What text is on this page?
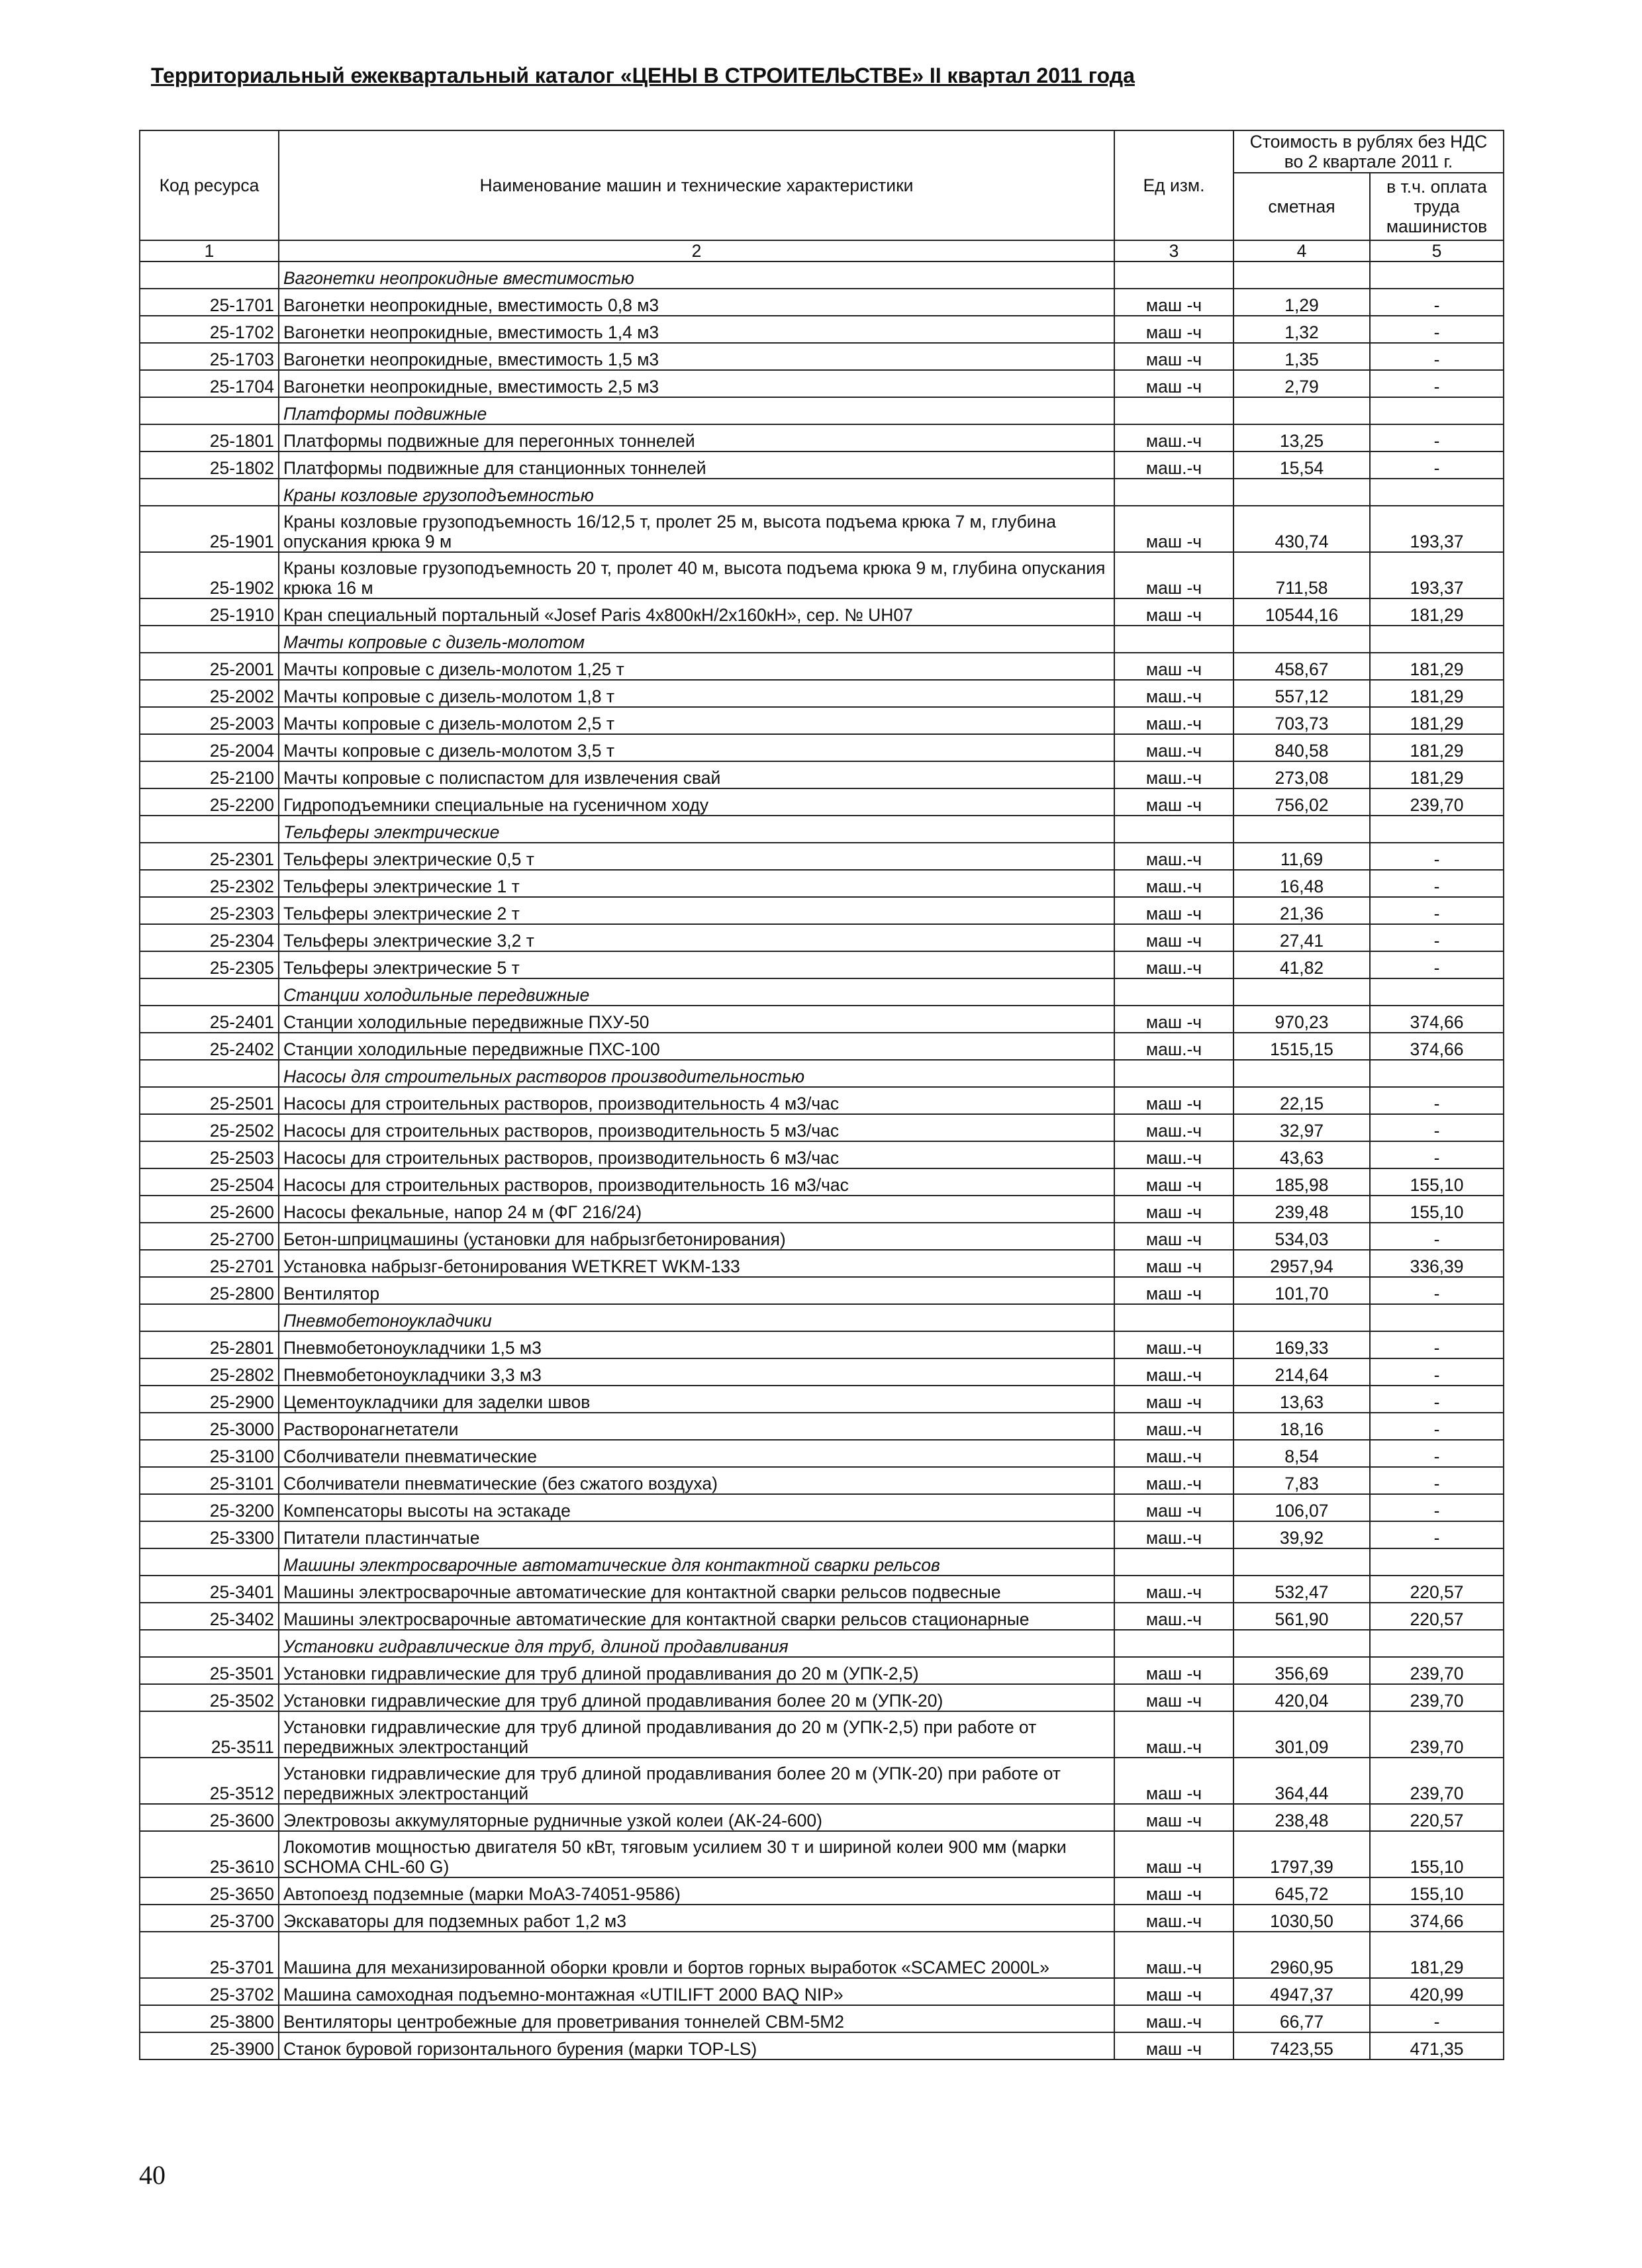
Территориальный ежеквартальный каталог «ЦЕНЫ В СТРОИТЕЛЬСТВЕ» II квартал 2011 года
Код ресурса	Наименование машин и технические характеристики	Ед изм.	Стоимость в рублях без НДС во 2 квартале 2011 г.	
			сметная	в т.ч. оплата труда машинистов
1	2	3	4	5
	Вагонетки неопрокидные вместимостью			
25-1701	Вагонетки неопрокидные, вместимость 0,8 м3	маш -ч	1,29	-
25-1702	Вагонетки неопрокидные, вместимость 1,4 м3	маш -ч	1,32	-
25-1703	Вагонетки неопрокидные, вместимость 1,5 м3	маш -ч	1,35	-
25-1704	Вагонетки неопрокидные, вместимость 2,5 м3	маш -ч	2,79	-
	Платформы подвижные			
25-1801	Платформы подвижные для перегонных тоннелей	маш.-ч	13,25	-
25-1802	Платформы подвижные для станционных тоннелей	маш.-ч	15,54	-
	Краны козловые грузоподъемностью			
25-1901	Краны козловые грузоподъемность 16/12,5 т, пролет 25 м, высота подъема крюка 7 м, глубина опускания крюка 9 м	маш -ч	430,74	193,37
25-1902	Краны козловые грузоподъемность 20 т, пролет 40 м, высота подъема крюка 9 м, глубина опускания крюка 16 м	маш -ч	711,58	193,37
25-1910	Кран специальный портальный «Josef Paris 4x800кН/2x160кН», сер. № UH07	маш -ч	10544,16	181,29
	Мачты копровые с дизель-молотом			
25-2001	Мачты копровые с дизель-молотом 1,25 т	маш -ч	458,67	181,29
25-2002	Мачты копровые с дизель-молотом 1,8 т	маш.-ч	557,12	181,29
25-2003	Мачты копровые с дизель-молотом 2,5 т	маш.-ч	703,73	181,29
25-2004	Мачты копровые с дизель-молотом 3,5 т	маш.-ч	840,58	181,29
25-2100	Мачты копровые с полиспастом для извлечения свай	маш.-ч	273,08	181,29
25-2200	Гидроподъемники специальные на гусеничном ходу	маш -ч	756,02	239,70
	Тельферы электрические			
25-2301	Тельферы электрические 0,5 т	маш.-ч	11,69	-
25-2302	Тельферы электрические 1 т	маш.-ч	16,48	-
25-2303	Тельферы электрические 2 т	маш -ч	21,36	-
25-2304	Тельферы электрические 3,2 т	маш -ч	27,41	-
25-2305	Тельферы электрические 5 т	маш.-ч	41,82	-
	Станции холодильные передвижные			
25-2401	Станции холодильные передвижные ПХУ-50	маш -ч	970,23	374,66
25-2402	Станции холодильные передвижные ПХС-100	маш.-ч	1515,15	374,66
	Насосы для строительных растворов производительностью			
25-2501	Насосы для строительных растворов, производительность 4 м3/час	маш -ч	22,15	-
25-2502	Насосы для строительных растворов, производительность 5 м3/час	маш.-ч	32,97	-
25-2503	Насосы для строительных растворов, производительность 6 м3/час	маш.-ч	43,63	-
25-2504	Насосы для строительных растворов, производительность 16 м3/час	маш -ч	185,98	155,10
25-2600	Насосы фекальные, напор 24 м (ФГ 216/24)	маш -ч	239,48	155,10
25-2700	Бетон-шприцмашины (установки для набрызгбетонирования)	маш -ч	534,03	-
25-2701	Установка набрызг-бетонирования WETKRET WKM-133	маш -ч	2957,94	336,39
25-2800	Вентилятор	маш -ч	101,70	-
	Пневмобетоноукладчики			
25-2801	Пневмобетоноукладчики 1,5 м3	маш.-ч	169,33	-
25-2802	Пневмобетоноукладчики 3,3 м3	маш.-ч	214,64	-
25-2900	Цементоукладчики для заделки швов	маш -ч	13,63	-
25-3000	Растворонагнетатели	маш.-ч	18,16	-
25-3100	Сболчиватели пневматические	маш.-ч	8,54	-
25-3101	Сболчиватели пневматические (без сжатого воздуха)	маш.-ч	7,83	-
25-3200	Компенсаторы высоты на эстакаде	маш -ч	106,07	-
25-3300	Питатели пластинчатые	маш.-ч	39,92	-
	Машины электросварочные автоматические для контактной сварки рельсов			
25-3401	Машины электросварочные автоматические для контактной сварки рельсов подвесные	маш.-ч	532,47	220,57
25-3402	Машины электросварочные автоматические для контактной сварки рельсов стационарные	маш.-ч	561,90	220,57
	Установки гидравлические для труб, длиной продавливания			
25-3501	Установки гидравлические для труб длиной продавливания до 20 м (УПК-2,5)	маш -ч	356,69	239,70
25-3502	Установки гидравлические для труб длиной продавливания более 20 м (УПК-20)	маш -ч	420,04	239,70
25-3511	Установки гидравлические для труб длиной продавливания до 20 м (УПК-2,5) при работе от передвижных электростанций	маш.-ч	301,09	239,70
25-3512	Установки гидравлические для труб длиной продавливания более 20 м (УПК-20) при работе от передвижных электростанций	маш -ч	364,44	239,70
25-3600	Электровозы аккумуляторные рудничные узкой колеи (АК-24-600)	маш -ч	238,48	220,57
25-3610	Локомотив мощностью двигателя 50 кВт, тяговым усилием 30 т и шириной колеи 900 мм (марки SCHOMA CHL-60 G)	маш -ч	1797,39	155,10
25-3650	Автопоезд подземные (марки МоАЗ-74051-9586)	маш -ч	645,72	155,10
25-3700	Экскаваторы для подземных работ 1,2 м3	маш.-ч	1030,50	374,66
25-3701	Машина для механизированной оборки кровли и бортов горных выработок «SCAMEC 2000L»	маш.-ч	2960,95	181,29
25-3702	Машина самоходная подъемно-монтажная «UTILIFT 2000 BAQ NIP»	маш -ч	4947,37	420,99
25-3800	Вентиляторы центробежные для проветривания тоннелей СВМ-5М2	маш.-ч	66,77	-
25-3900	Станок буровой горизонтального бурения (марки TOP-LS)	маш -ч	7423,55	471,35
40
